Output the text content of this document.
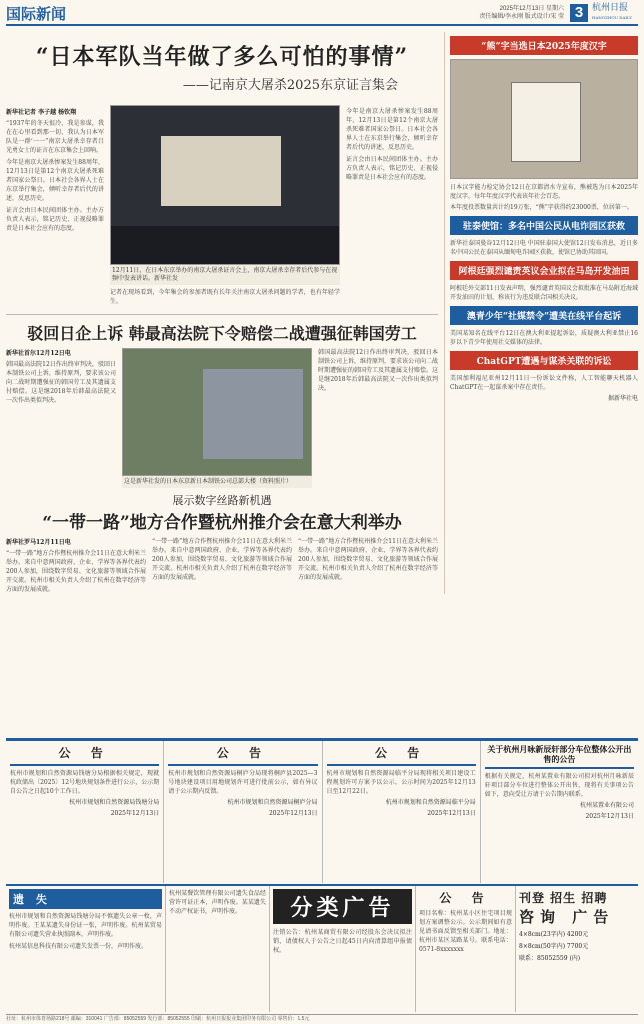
国际新闻	2025年12月13日 星期六
责任编辑/李永刚 版式设计/宋 莹 3 杭州日报
HANGZHOU DAILY
“日本军队当年做了多么可怕的事情”
——记南京大屠杀2025东京证言集会
新华社记者 李子越 杨钦翔

“1937年的冬天很冷，我是参谋，我在在心里看到那一切，我认为日本军队是一群‘一一”南京大屠杀幸存者吕光勇女士的证言在东京集会上回响。

今年是南京大屠杀惨案发生88周年，12月13日是第12个南京大屠杀死难者国家公祭日。日本社会各界人士在东京举行集会，倾听幸存者后代的讲述，反思历史。

证言会由日本民间团体主办。主办方负责人表示，铭记历史、正视侵略罪责是日本社会应有的态度。

12月11日，在日本东京举办的南京大屠杀证言会上，南京大屠杀幸存者后代参与在视频中发表讲话。新华社发

记者在现场看到，今年集会的参加者既有长年关注南京大屠杀问题的学者，也有年轻学生。

今年是南京大屠杀惨案发生88周年，12月13日是第12个南京大屠杀死难者国家公祭日。日本社会各界人士在东京举行集会，倾听幸存者后代的讲述，反思历史。

证言会由日本民间团体主办。主办方负责人表示，铭记历史、正视侵略罪责是日本社会应有的态度。

驳回日企上诉 韩最高法院下令赔偿二战遭强征韩国劳工
新华社首尔12月12日电

韩国最高法院12日作出终审判决，驳回日本制铁公司上诉，维持原判，要求该公司向二战时期遭强征的韩国劳工及其遗属支付赔偿。这是继2018年后韩最高法院又一次作出类似判决。

这是新华社发的日本东京新日本制铁公司总部大楼（资料照片）

韩国最高法院12日作出终审判决，驳回日本制铁公司上诉，维持原判，要求该公司向二战时期遭强征的韩国劳工及其遗属支付赔偿。这是继2018年后韩最高法院又一次作出类似判决。

展示数字丝路新机遇
“一带一路”地方合作暨杭州推介会在意大利举办
新华社罗马12月11日电

“一带一路”地方合作暨杭州推介会11日在意大利米兰举办。来自中意两国政府、企业、学界等各界代表约200人参加，围绕数字贸易、文化旅游等领域合作展开交流。杭州市相关负责人介绍了杭州在数字经济等方面的发展成就。

“一带一路”地方合作暨杭州推介会11日在意大利米兰举办。来自中意两国政府、企业、学界等各界代表约200人参加，围绕数字贸易、文化旅游等领域合作展开交流。杭州市相关负责人介绍了杭州在数字经济等方面的发展成就。

“一带一路”地方合作暨杭州推介会11日在意大利米兰举办。来自中意两国政府、企业、学界等各界代表约200人参加，围绕数字贸易、文化旅游等领域合作展开交流。杭州市相关负责人介绍了杭州在数字经济等方面的发展成就。

“熊”字当选日本2025年度汉字

日本汉字能力检定协会12日在京都清水寺宣布，熊被选为日本2025年度汉字，每年年度汉字代表该年社会百态。

本年度投票数量共计约19万张，“熊”字获得约23000票，位居第一。

驻泰使馆：多名中国公民从电诈园区获救

新华社泰国曼谷12月12日电 中国驻泰国大使馆12日发布消息，近日多名中国公民在泰国从缅甸电诈园区获救，使馆已协助其回国。

阿根廷强烈谴责英议会业拟在马岛开发油田

阿根廷外交部11日发表声明，强烈谴责英国议会拟批准在马岛附近海域开发油田的计划，称该行为违反联合国相关决议。

澳青少年“社媒禁令”遭美在线平台起诉

美国某知名在线平台12日在澳大利亚提起诉讼，质疑澳大利亚禁止16岁以下青少年使用社交媒体的法律。

ChatGPT遭遇与谋杀关联的诉讼

美国加利福尼亚州12月11日一份诉讼文件称，人工智能聊天机器人ChatGPT在一起谋杀案中存在责任。

据新华社电
公 告

杭州市规划和自然资源局钱塘分局根据相关规定，现就杭政储出〔2025〕12号地块规划条件进行公示，公示期自公告之日起10个工作日。

杭州市规划和自然资源局钱塘分局
2025年12月13日
公 告

杭州市规划和自然资源局桐庐分局现将桐庐县2025—3号地块建设项目用地规划许可进行批前公示，如有异议请于公示期内反馈。

杭州市规划和自然资源局桐庐分局
2025年12月13日
公 告

杭州市规划和自然资源局临平分局现将相关项目建设工程规划许可方案予以公示，公示时间为2025年12月13日至12月22日。

杭州市规划和自然资源局临平分局
2025年12月13日
关于杭州月咏新辰轩部分车位整体公开出售的公告

根据有关规定，杭州某置业有限公司拟对杭州月咏新辰轩项目部分车位进行整体公开出售，现将有关事项公告如下，意向受让方请于公告期内联系。

杭州某置业有限公司
2025年12月13日
遗 失

杭州市规划和自然资源局钱塘分局不慎遗失公章一枚，声明作废。王某某遗失身份证一张，声明作废。杭州某贸易有限公司遗失营业执照副本，声明作废。

杭州某信息科技有限公司遗失发票一份，声明作废。

杭州某餐饮管理有限公司遗失食品经营许可证正本，声明作废。某某遗失不动产权证书，声明作废。	分类广告

注销公告：杭州某商贸有限公司经股东会决议拟注销，请债权人于公告之日起45日内向清算组申报债权。

公 告

项目名称：杭州某小区住宅项目规划方案调整公示。公示期间如有意见请书面反馈至相关部门。地址：杭州市某区某路某号。联系电话：0571-8xxxxxxx

刊登 招生 招聘
咨询 广告
4×8cm(23字内) 4200元
8×8cm(50字内) 7700元
联系：85052559 (内)
社址：杭州市体育场路218号 邮编：310041 广告部：85052559 发行部：85052555 印刷：杭州日报报业集团印务有限公司 零售价：1.5元
